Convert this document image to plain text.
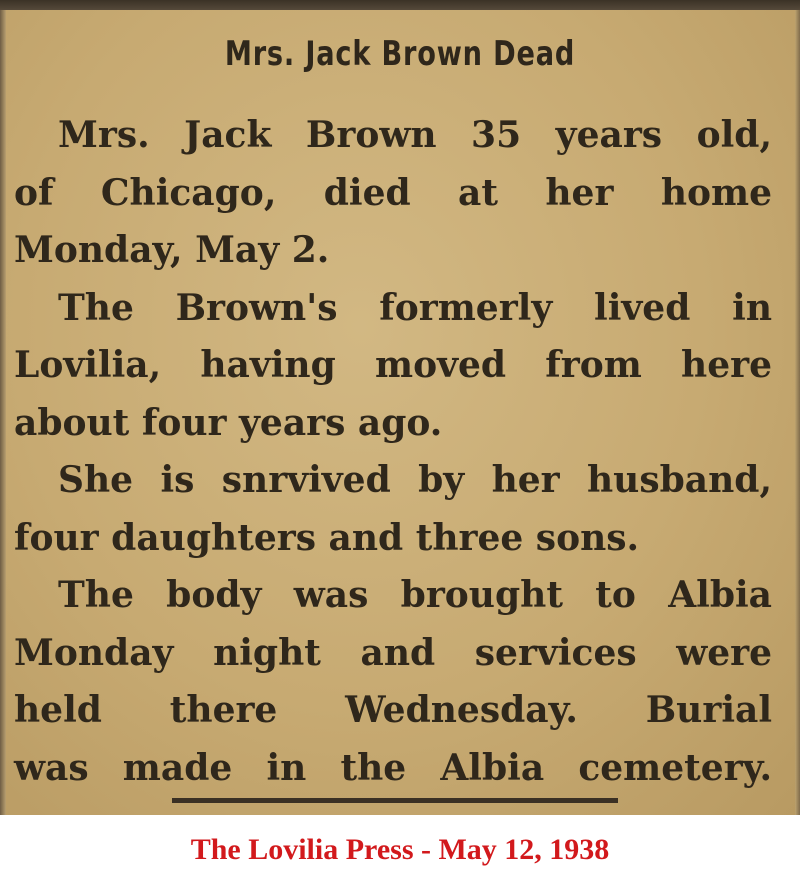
Mrs. Jack Brown Dead
Mrs. Jack Brown 35 years old,
of Chicago, died at her home
Monday, May 2.
The Brown's formerly lived in
Lovilia, having moved from here
about four years ago.
She is snrvived by her husband,
four daughters and three sons.
The body was brought to Albia
Monday night and services were
held there Wednesday. Burial
was made in the Albia cemetery.
The Lovilia Press - May 12, 1938
